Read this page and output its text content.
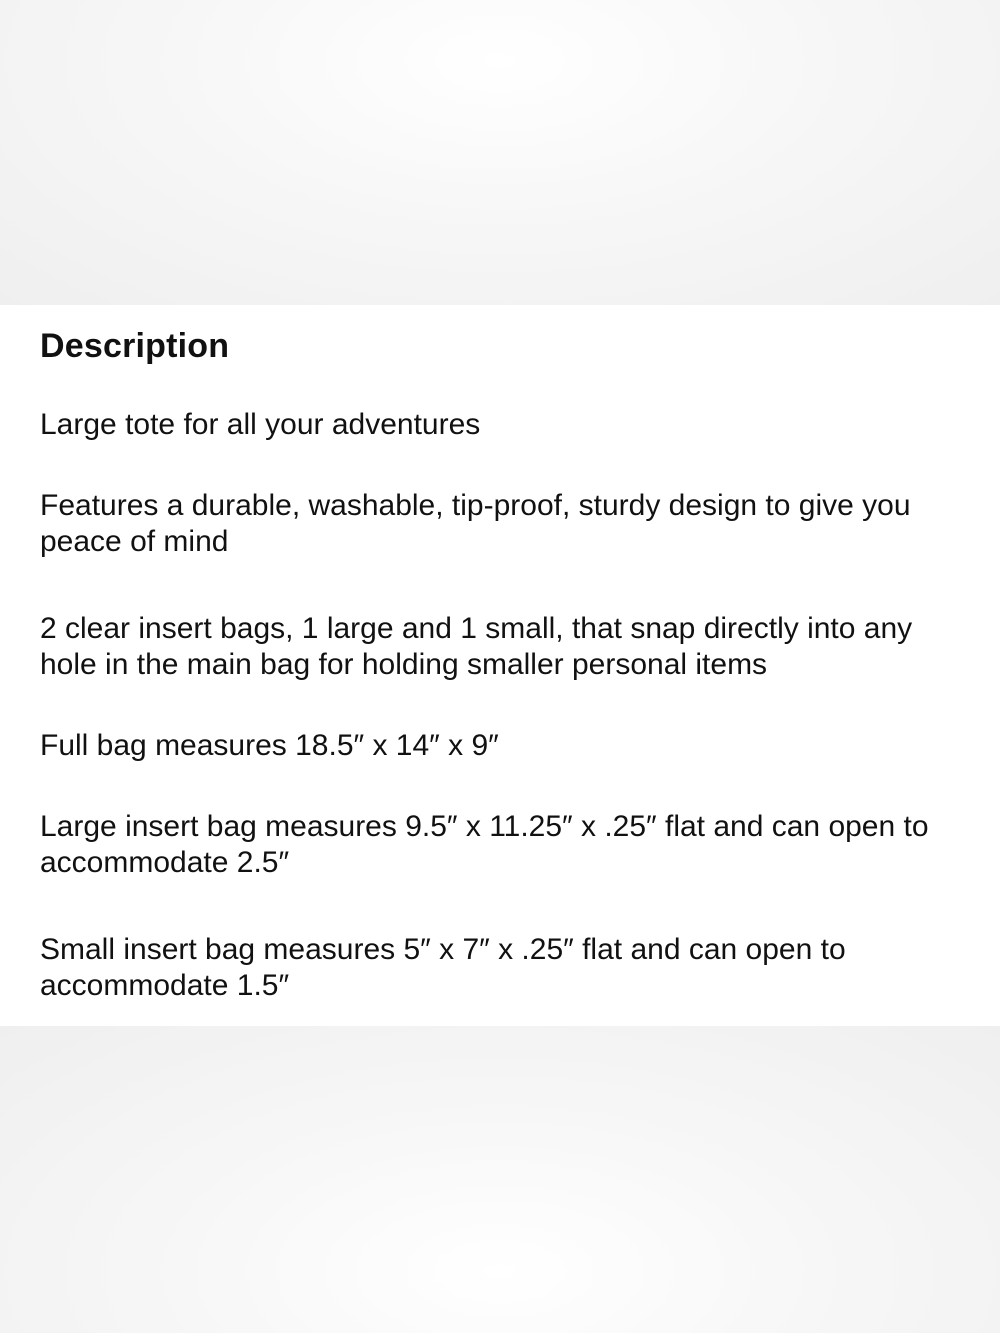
Description

Large tote for all your adventures

Features a durable, washable, tip-proof, sturdy design to give you peace of mind

2 clear insert bags, 1 large and 1 small, that snap directly into any hole in the main bag for holding smaller personal items

Full bag measures 18.5″ x 14″ x 9″

Large insert bag measures 9.5″ x 11.25″ x .25″ flat and can open to accommodate 2.5″

Small insert bag measures 5″ x 7″ x .25″ flat and can open to accommodate 1.5″
